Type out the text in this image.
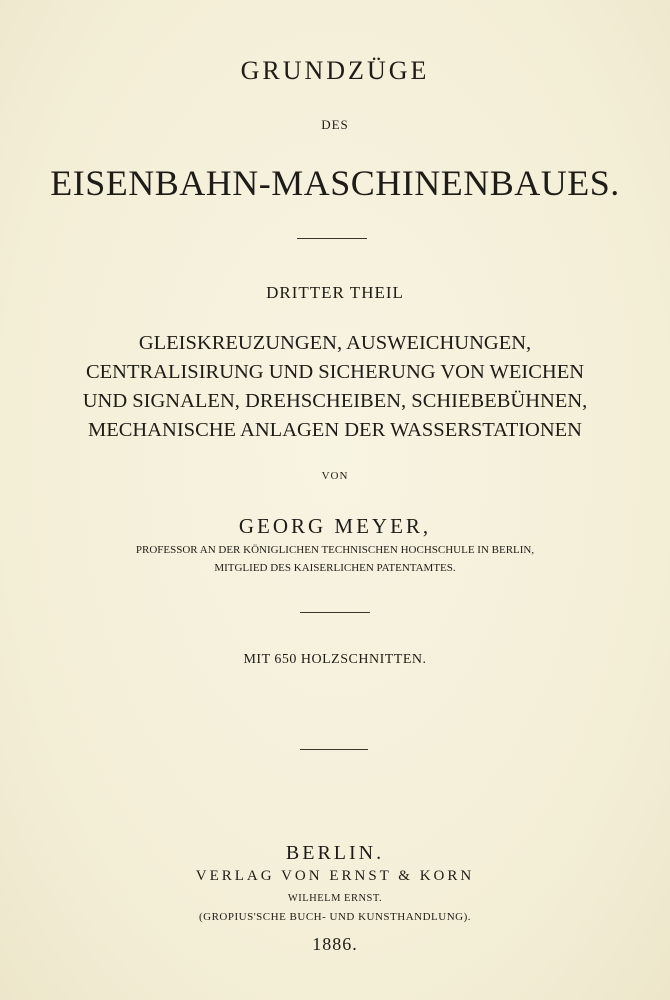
GRUNDZÜGE
DES
EISENBAHN-MASCHINENBAUES.
DRITTER THEIL
GLEISKREUZUNGEN, AUSWEICHUNGEN,
CENTRALISIRUNG UND SICHERUNG VON WEICHEN
UND SIGNALEN, DREHSCHEIBEN, SCHIEBEBÜHNEN,
MECHANISCHE ANLAGEN DER WASSERSTATIONEN
VON
GEORG MEYER,
PROFESSOR AN DER KÖNIGLICHEN TECHNISCHEN HOCHSCHULE IN BERLIN,
MITGLIED DES KAISERLICHEN PATENTAMTES.
MIT 650 HOLZSCHNITTEN.
BERLIN.
VERLAG VON ERNST & KORN
WILHELM ERNST.
(GROPIUS'SCHE BUCH- UND KUNSTHANDLUNG).
1886.
